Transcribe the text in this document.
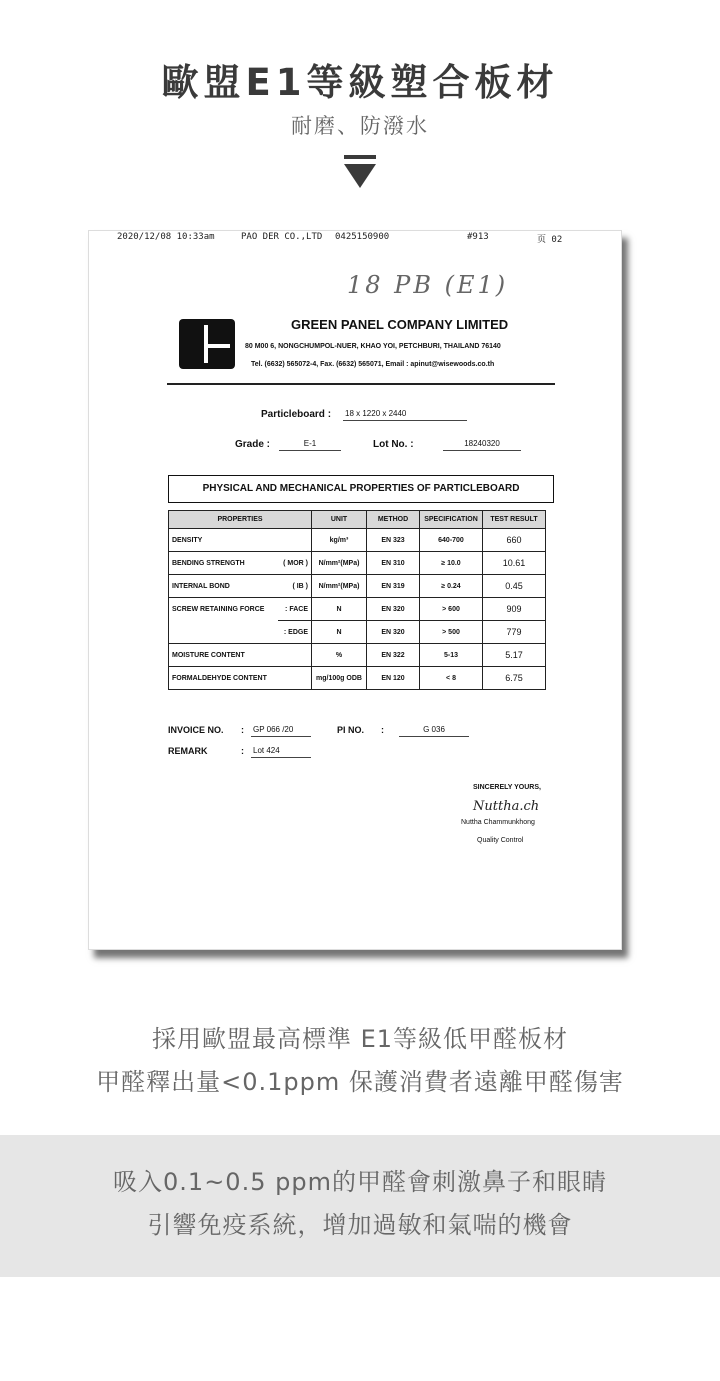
歐盟E1等級塑合板材
耐磨、防潑水
2020/12/08 10:33am	PAO DER CO.,LTD 0425150900	#913	页 02
18 PB (E1)
GREEN PANEL COMPANY LIMITED
80 M00 6, NONGCHUMPOL-NUER, KHAO YOI, PETCHBURI, THAILAND 76140
Tel. (6632) 565072-4, Fax. (6632) 565071, Email : apinut@wisewoods.co.th
Particleboard : 18 x 1220 x 2440
Grade :	E-1	Lot No. :	18240320
PHYSICAL AND MECHANICAL PROPERTIES OF PARTICLEBOARD
PROPERTIES		UNIT	METHOD	SPECIFICATION	TEST RESULT
DENSITY		kg/m³	EN 323	640-700	660
BENDING STRENGTH	( MOR )	N/mm²(MPa)	EN 310	≥ 10.0	10.61
INTERNAL BOND	( IB )	N/mm²(MPa)	EN 319	≥ 0.24	0.45
SCREW RETAINING FORCE	: FACE	N	EN 320	> 600	909
	: EDGE	N	EN 320	> 500	779
MOISTURE CONTENT		%	EN 322	5-13	5.17
FORMALDEHYDE CONTENT		mg/100g ODB	EN 120	< 8	6.75
INVOICE NO. : GP 066 /20	PI NO. :	G 036
REMARK	: Lot 424
SINCERELY YOURS,
Nuttha.ch
Nuttha Chammunkhong
Quality Control
採用歐盟最高標準 E1等級低甲醛板材
甲醛釋出量<0.1ppm 保護消費者遠離甲醛傷害
吸入0.1~0.5 ppm的甲醛會刺激鼻子和眼睛
引響免疫系統，增加過敏和氣喘的機會
